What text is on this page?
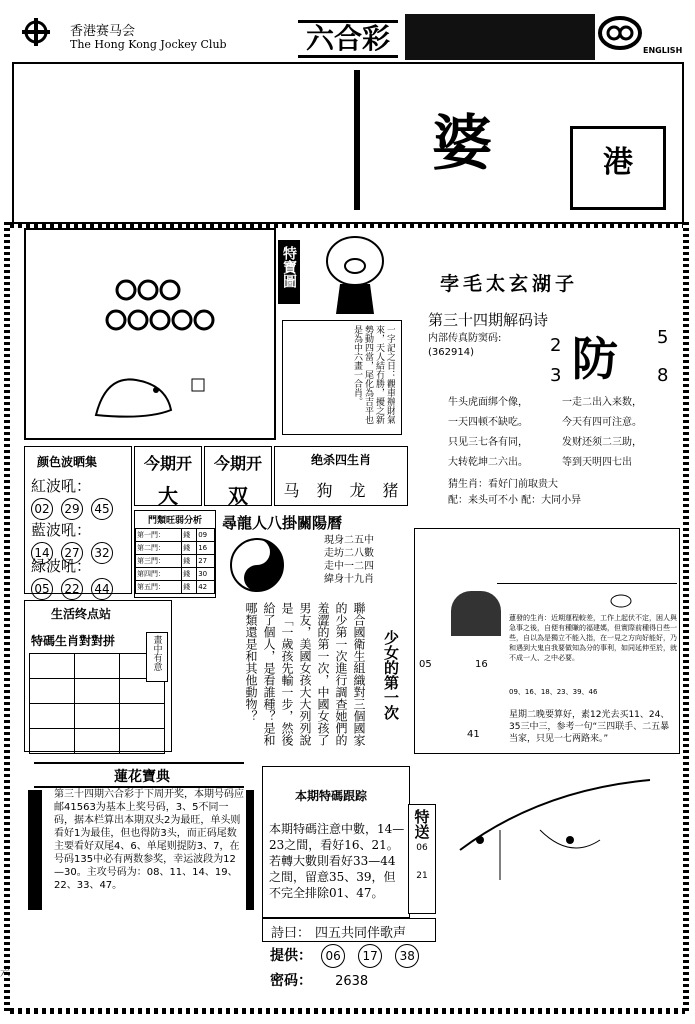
香港赛马会
The Hong Kong Jockey Club	六合彩	ENGLISH
婆	港
特寶圖
一字記之日：觀車辦財氣來，天人結冇勝，擾之新勢動四當，尾化為吉平也是為中六畫一合肖。
孛毛太玄湖子
第三十四期解码诗
内部传真防窦码:
(362914)	2 防 5
3	8
牛头虎面绑个像，
一天四顿不缺吃。
只见三七各有同，
大转乾坤二六出。
一走二出入来数，
今天有四可注意。
发财还须二三助，
等到天明四七出
猜生肖：看好门前取贵大
配：来头可不小 配：大同小异
颜色波晒集
紅波吼：
02 29 45
藍波吼：
14 27 32
緑波吼：
05 22 44
今期开
大
今期开
双
绝杀四生肖
马 狗 龙 猪
門類旺弱分析
第一門：	錢	09
第二門：	錢	16
第三門：	錢	27
第四門：	錢	30
第五門：	錢	42
尋龍人八掛關陽曆
現身二五中
走坊二八數
走中一二四
緯身十九肖
生活终点站
特碼生肖對對拼

			畫中有意	聯合國衛生組織對三個國家的少第一次進行調查她們的羞澀的第一次，中國女孩了男友，美國女孩大大列列說是「一歲孩先輸一步，然後給了個人，是看誰種？是和哪類還是和其他動物？	少女的第一次 05	16
41
蓮發的生肖：近期運程較差，工作上起伏不定，困人與急事之後，自便有種賺的福建媽，但實際前種得日些一些，自以為是獨立不能入指，在一見之方向好能好，乃和遇到大鬼自我要做知為分的事利，如同延伸至於，就不成一人、之中必要。
09、16、18、23、39、46
星期二晚要算好，素12光去买11、24、35三中三，参考一句“三四联手、二五暴当家，只见一七两路来。”
蓮花寶典
第三十四期六合彩于下周开奖，本期号码应邮41563为基本上奖号码，3、5不同一码，据本栏算出本期双头2为最旺，单头则看好1为最佳，但也得防3头，而正码尾数主要看好双尾4、6、单尾则提防3、7，在号码135中必有两数参奖，幸运波段为12—30。主攻号码为：08、11、14、19、22、33、47。
本期特碼跟踪
本期特碼注意中數，14—23之間，看好16、21。若轉大數則看好33—44之間，留意35、39，但不完全排除01、47。
特送
06
21
詩曰： 四五共同伴歌声
提供： 06 17 38
密码： 2638
六
